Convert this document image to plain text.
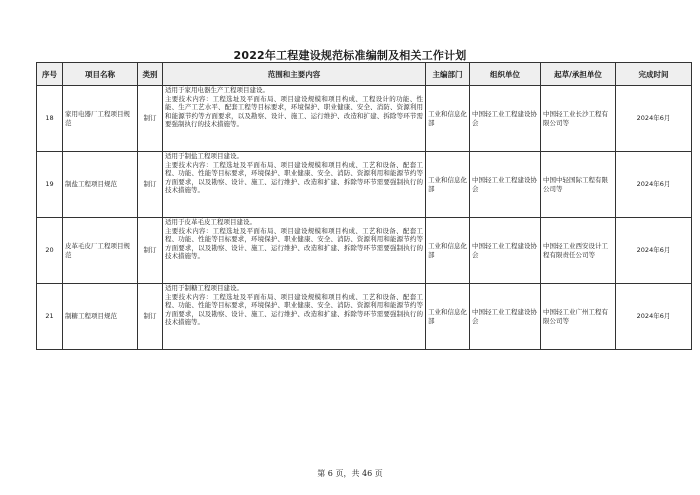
2022年工程建设规范标准编制及相关工作计划
序号	项目名称	类别	范围和主要内容	主编部门	组织单位	起草/承担单位	完成时间
18	家用电器厂工程项目规范	制订	适用于家用电器生产工程项目建设。
主要技术内容：工程选址及平面布局、项目建设规模和项目构成、工程设计的功能、性能、生产工艺水平、配套工程等目标要求，环境保护、职业健康、安全、消防、资源利用和能源节约等方面要求，以及勘察、设计、施工、运行维护、改造和扩建、拆除等环节需要强制执行的技术措施等。	工业和信息化部	中国轻工业工程建设协会	中国轻工业长沙工程有限公司等	2024年6月
19	制盐工程项目规范	制订	适用于制盐工程项目建设。
主要技术内容：工程选址及平面布局、项目建设规模和项目构成、工艺和设备、配套工程、功能、性能等目标要求，环境保护、职业健康、安全、消防、资源利用和能源节约等方面要求，以及勘察、设计、施工、运行维护、改造和扩建、拆除等环节需要强制执行的技术措施等。	工业和信息化部	中国轻工业工程建设协会	中国中轻国际工程有限公司等	2024年6月
20	皮革毛皮厂工程项目规范	制订	适用于皮革毛皮工程项目建设。
主要技术内容：工程选址及平面布局、项目建设规模和项目构成、工艺和设备、配套工程、功能、性能等目标要求，环境保护、职业健康、安全、消防、资源利用和能源节约等方面要求，以及勘察、设计、施工、运行维护、改造和扩建、拆除等环节需要强制执行的技术措施等。	工业和信息化部	中国轻工业工程建设协会	中国轻工业西安设计工程有限责任公司等	2024年6月
21	制糖工程项目规范	制订	适用于制糖工程项目建设。
主要技术内容：工程选址及平面布局、项目建设规模和项目构成、工艺和设备、配套工程、功能、性能等目标要求，环境保护、职业健康、安全、消防、资源利用和能源节约等方面要求，以及勘察、设计、施工、运行维护、改造和扩建、拆除等环节需要强制执行的技术措施等。	工业和信息化部	中国轻工业工程建设协会	中国轻工业广州工程有限公司等	2024年6月
第 6 页，共 46 页
